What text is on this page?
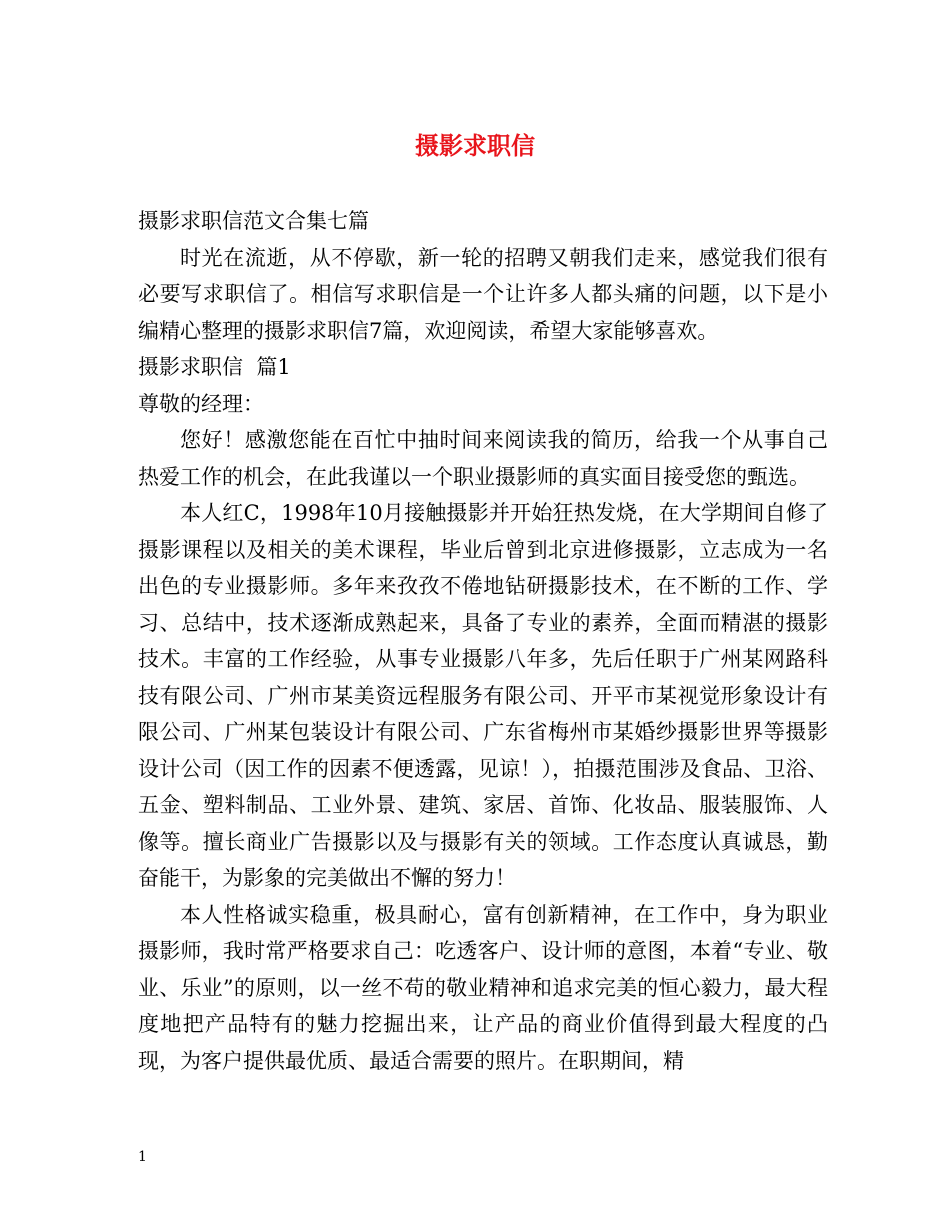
摄影求职信

摄影求职信范文合集七篇

时光在流逝，从不停歇，新一轮的招聘又朝我们走来，感觉我们很有必要写求职信了。相信写求职信是一个让许多人都头痛的问题，以下是小编精心整理的摄影求职信7篇，欢迎阅读，希望大家能够喜欢。

摄影求职信  篇1

尊敬的经理：

您好！感激您能在百忙中抽时间来阅读我的简历，给我一个从事自己热爱工作的机会，在此我谨以一个职业摄影师的真实面目接受您的甄选。

本人红C，1998年10月接触摄影并开始狂热发烧，在大学期间自修了摄影课程以及相关的美术课程，毕业后曾到北京进修摄影，立志成为一名出色的专业摄影师。多年来孜孜不倦地钻研摄影技术，在不断的工作、学习、总结中，技术逐渐成熟起来，具备了专业的素养，全面而精湛的摄影技术。丰富的工作经验，从事专业摄影八年多，先后任职于广州某网路科技有限公司、广州市某美资远程服务有限公司、开平市某视觉形象设计有限公司、广州某包装设计有限公司、广东省梅州市某婚纱摄影世界等摄影设计公司（因工作的因素不便透露，见谅！），拍摄范围涉及食品、卫浴、五金、塑料制品、工业外景、建筑、家居、首饰、化妆品、服装服饰、人像等。擅长商业广告摄影以及与摄影有关的领域。工作态度认真诚恳，勤奋能干，为影象的完美做出不懈的努力！

本人性格诚实稳重，极具耐心，富有创新精神，在工作中，身为职业摄影师，我时常严格要求自己：吃透客户、设计师的意图，本着“专业、敬业、乐业”的原则，以一丝不苟的敬业精神和追求完美的恒心毅力，最大程度地把产品特有的魅力挖掘出来，让产品的商业价值得到最大程度的凸现，为客户提供最优质、最适合需要的照片。在职期间，精

1
